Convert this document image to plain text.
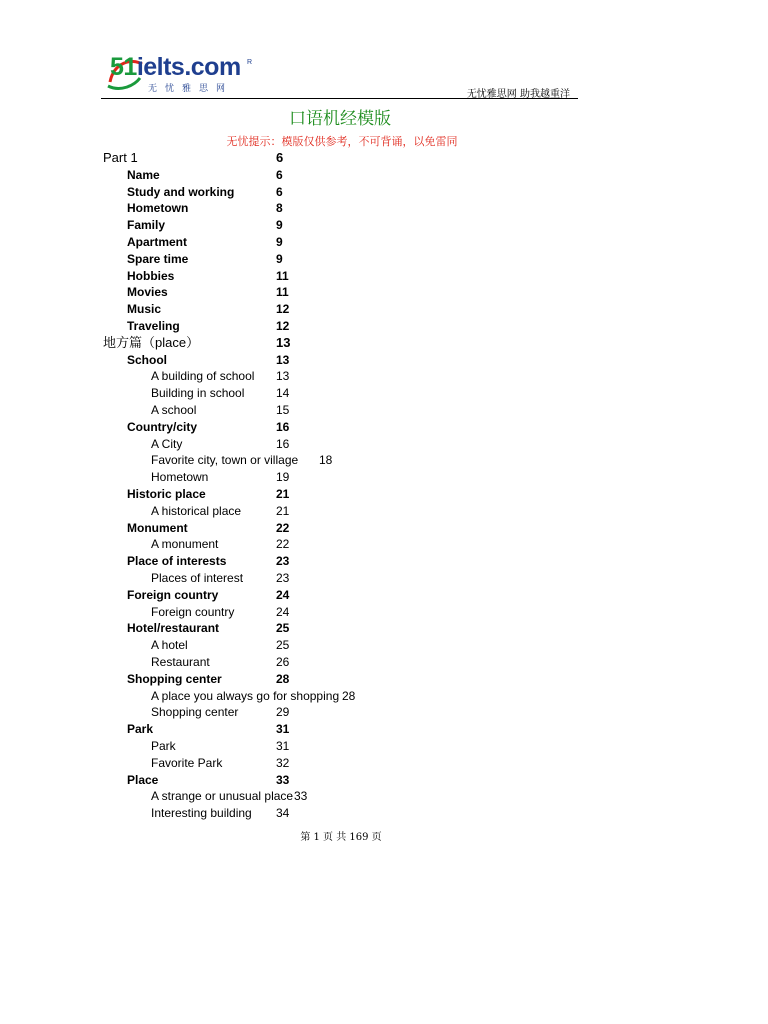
51ielts.com R
无忧雅思网	无忧雅思网 助我越重洋
口语机经模版
无忧提示：模版仅供参考，不可背诵，以免雷同
Part 1	6
Name	6
Study and working	6
Hometown	8
Family	9
Apartment	9
Spare time	9
Hobbies	11
Movies	11
Music	12
Traveling	12
地方篇（place）	13
School	13
A building of school 13
Building in school	14
A school	15
Country/city	16
A City	16
Favorite city, town or village 18
Hometown	19
Historic place	21
A historical place	21
Monument	22
A monument	22
Place of interests	23
Places of interest	23
Foreign country	24
Foreign country	24
Hotel/restaurant	25
A hotel	25
Restaurant	26
Shopping center	28
A place you always go for shopping 28
Shopping center	29
Park	31
Park	31
Favorite Park	32
Place	33
A strange or unusual place 33
Interesting building 34
第 1 页 共 169 页
